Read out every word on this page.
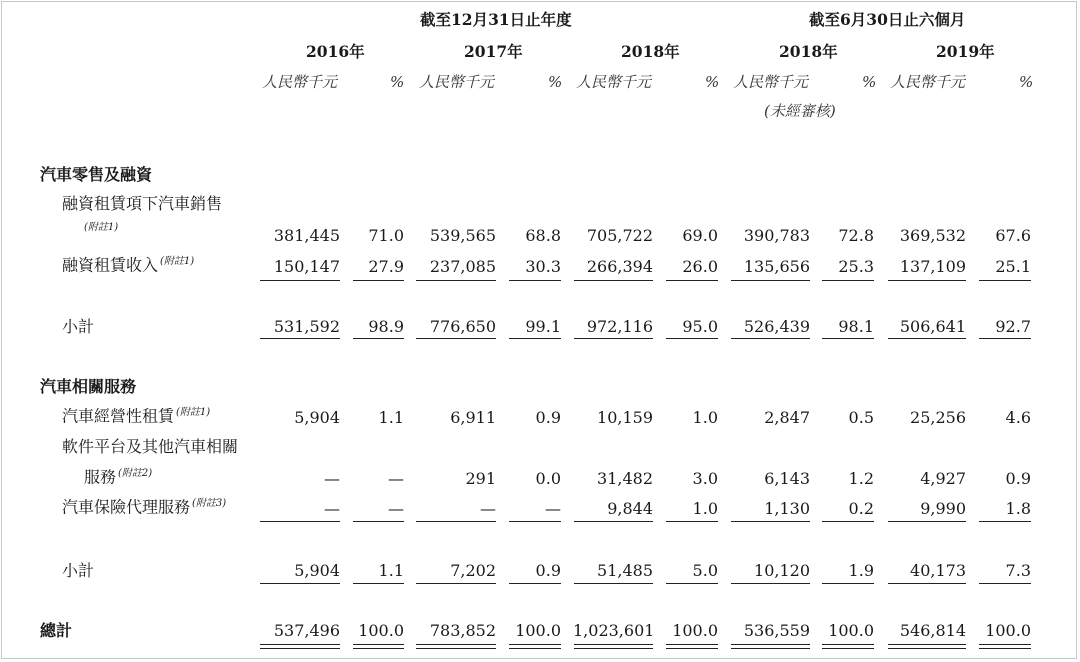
截至12月31日止年度	截至6月30日止六個月
2016年	2017年	2018年	2018年	2019年
人民幣千元	% 人民幣千元	% 人民幣千元	% 人民幣千元	% 人民幣千元	%
(未經審核)
汽車零售及融資
融資租賃項下汽車銷售
(附註1)	381,445	71.0	539,565	68.8	705,722	69.0	390,783	72.8	369,532	67.6
融資租賃收入 $^{(附註1)}$	150,147	27.9	237,085	30.3	266,394	26.0	135,656	25.3	137,109	25.1
小計	531,592	98.9	776,650	99.1	972,116	95.0	526,439	98.1	506,641	92.7
汽車相關服務
汽車經營性租賃 $^{(附註1)}$	5,904	1.1	6,911	0.9	10,159	1.0	2,847	0.5	25,256	4.6
軟件平台及其他汽車相關
服務 $^{(附註2)}$	—	—	291	0.0	31,482	3.0	6,143	1.2	4,927	0.9
汽車保險代理服務 $^{(附註3)}$	—	—	—	—	9,844	1.0	1,130	0.2	9,990	1.8
小計	5,904	1.1	7,202	0.9	51,485	5.0	10,120	1.9	40,173	7.3
總計	537,496 100.0	783,852 100.0 1,023,601 100.0	536,559 100.0	546,814 100.0
